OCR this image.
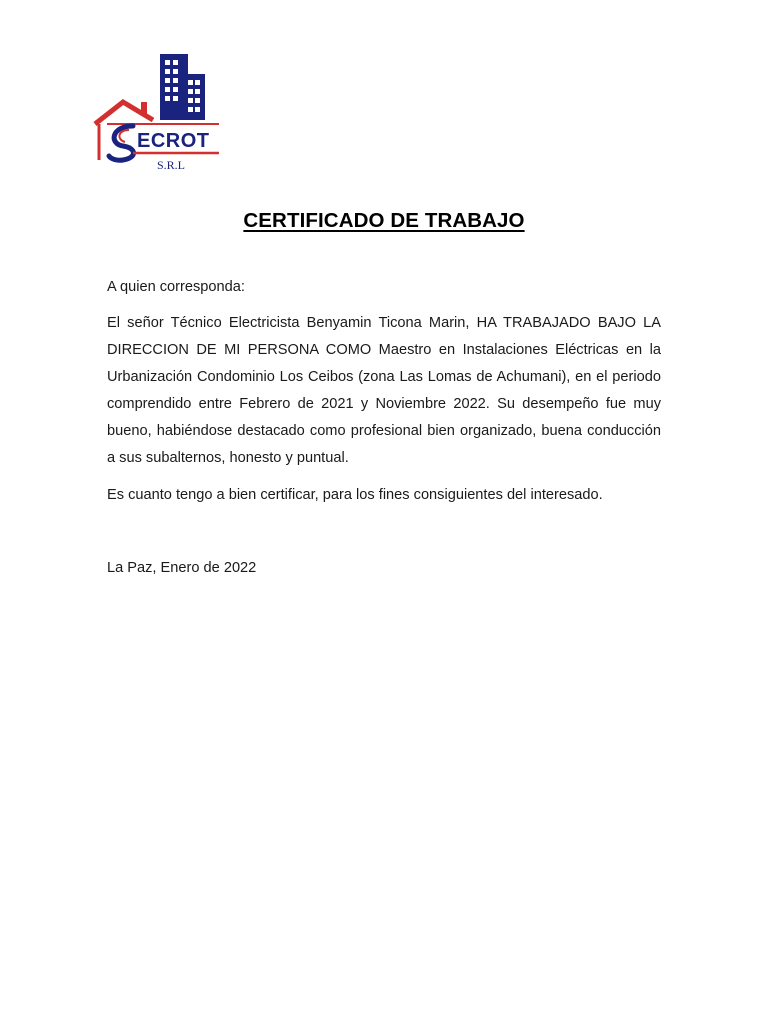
ECROT
S.R.L
CERTIFICADO DE TRABAJO
A quien corresponda:
El señor Técnico Electricista Benyamin Ticona Marin, HA TRABAJADO BAJO LA DIRECCION DE MI PERSONA COMO Maestro en Instalaciones Eléctricas en la Urbanización Condominio Los Ceibos (zona Las Lomas de Achumani), en el periodo comprendido entre Febrero de 2021 y Noviembre 2022. Su desempeño fue muy bueno, habiéndose destacado como profesional bien organizado, buena conducción a sus subalternos, honesto y puntual.
Es cuanto tengo a bien certificar, para los fines consiguientes del interesado.
La Paz, Enero de 2022
